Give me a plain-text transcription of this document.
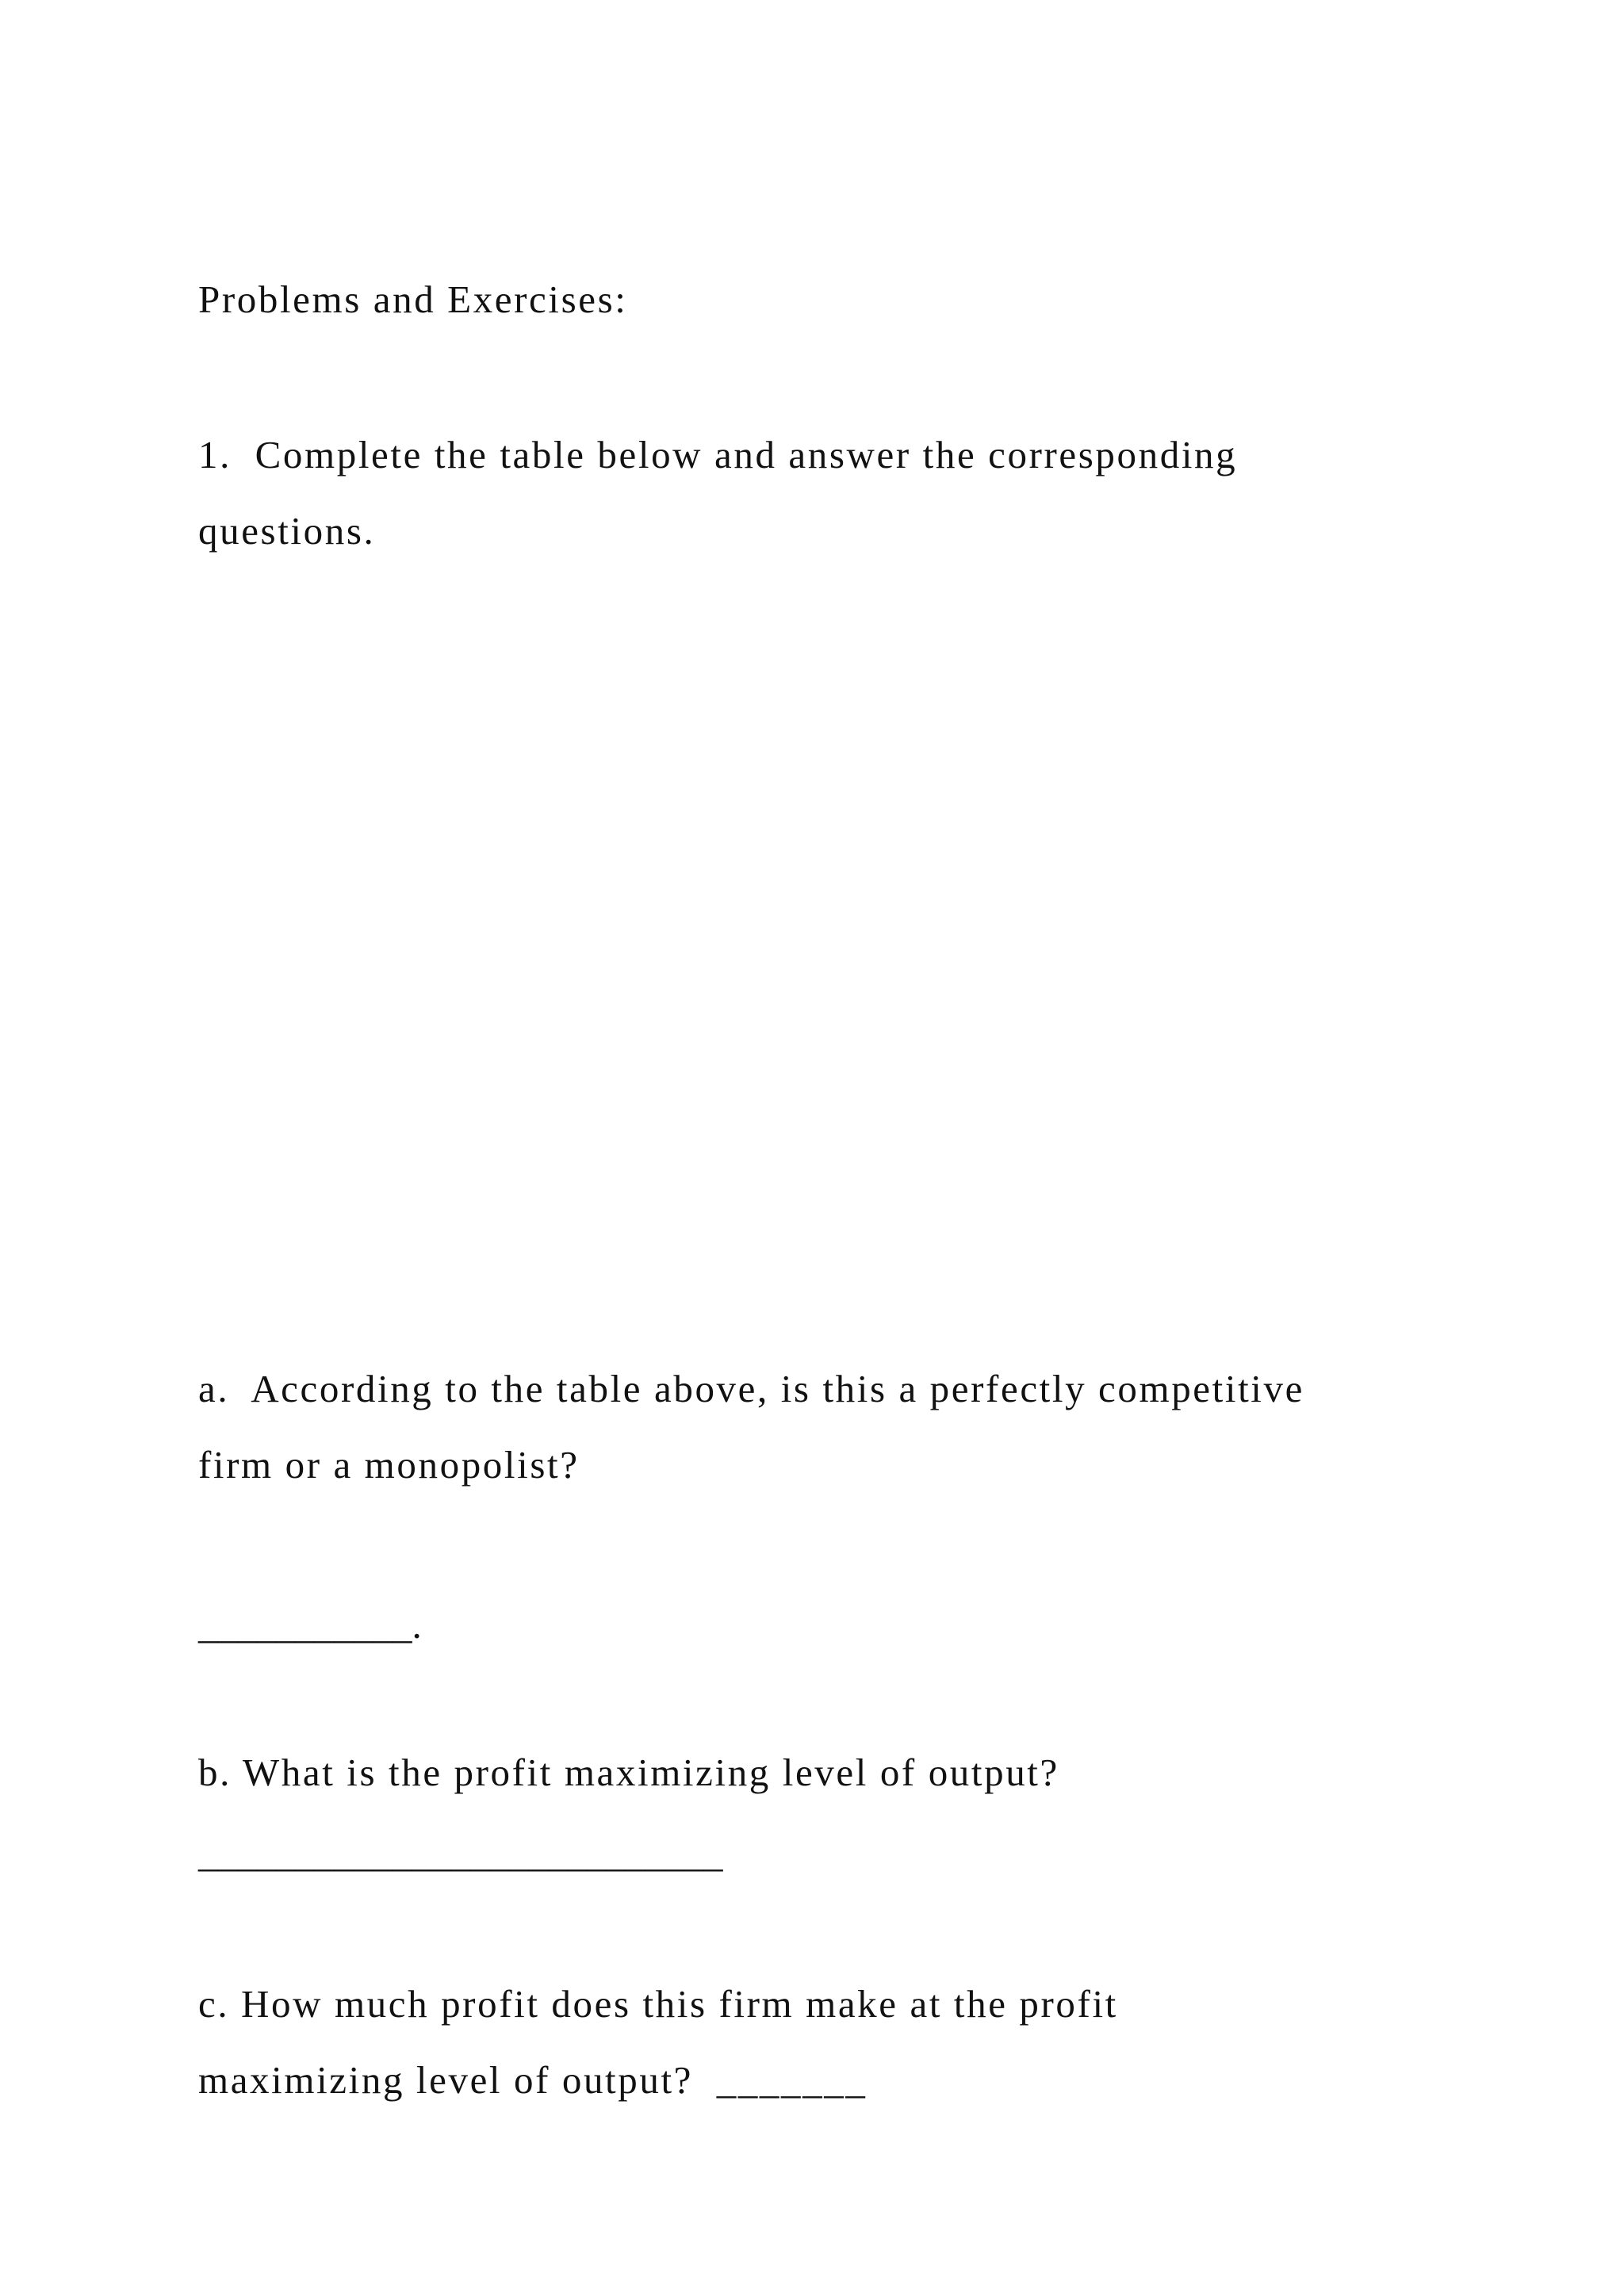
Problems and Exercises:

1.  Complete the table below and answer the corresponding

questions.

a.  According to the table above, is this a perfectly competitive

firm or a monopolist?

___________.

b. What is the profit maximizing level of output?

___________________________

c. How much profit does this firm make at the profit

maximizing level of output?  _______
